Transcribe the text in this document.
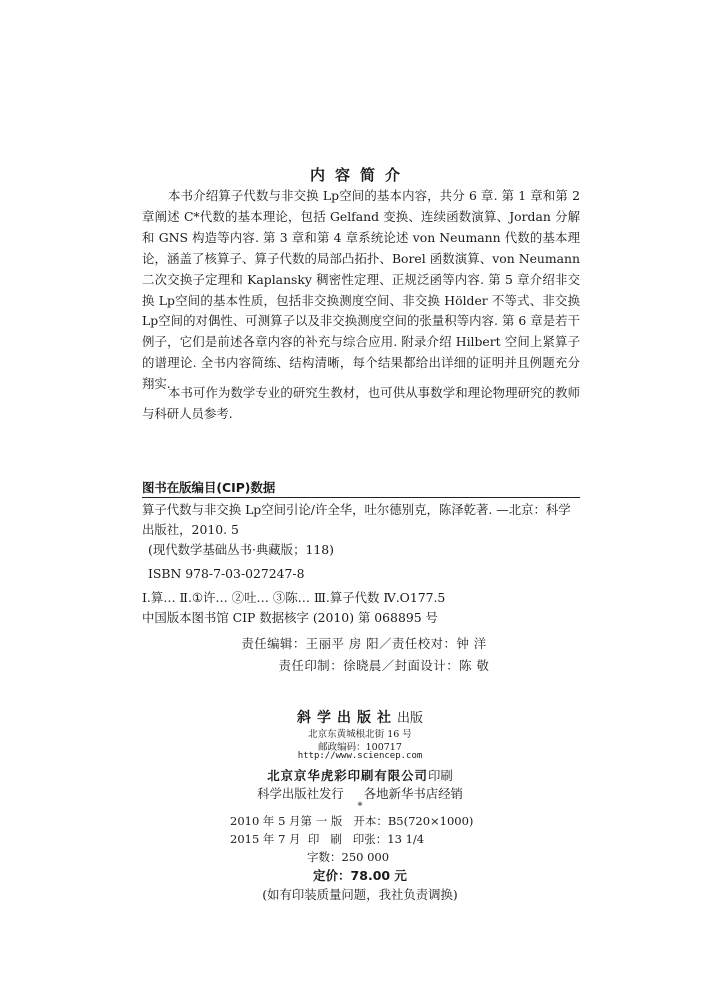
内容简介

本书介绍算子代数与非交换 Lp空间的基本内容，共分 6 章. 第 1 章和第 2 章阐述 C*代数的基本理论，包括 Gelfand 变换、连续函数演算、Jordan 分解和 GNS 构造等内容. 第 3 章和第 4 章系统论述 von Neumann 代数的基本理论，涵盖了核算子、算子代数的局部凸拓扑、Borel 函数演算、von Neumann 二次交换子定理和 Kaplansky 稠密性定理、正规泛函等内容. 第 5 章介绍非交换 Lp空间的基本性质，包括非交换测度空间、非交换 Hölder 不等式、非交换 Lp空间的对偶性、可测算子以及非交换测度空间的张量积等内容. 第 6 章是若干例子，它们是前述各章内容的补充与综合应用. 附录介绍 Hilbert 空间上紧算子的谱理论. 全书内容简练、结构清晰，每个结果都给出详细的证明并且例题充分翔实.

本书可作为数学专业的研究生教材，也可供从事数学和理论物理研究的教师与科研人员参考.

图书在版编目(CIP)数据

算子代数与非交换 Lp空间引论/许全华，吐尔德别克，陈泽乾著. —北京：科学出版社，2010. 5

(现代数学基础丛书·典藏版；118)

ISBN 978-7-03-027247-8

Ⅰ.算… Ⅱ.①许… ②吐… ③陈… Ⅲ.算子代数 Ⅳ.O177.5

中国版本图书馆 CIP 数据核字 (2010) 第 068895 号

责任编辑：王丽平 房 阳／责任校对：钟 洋
责任印制：徐晓晨／封面设计：陈 敬
斜学出版社出版
北京东黄城根北街 16 号
邮政编码：100717
http://www.sciencep.com
北京京华虎彩印刷有限公司印刷
科学出版社发行 各地新华书店经销
*
2010 年 5 月第 一 版   开本：B5(720×1000)
2015 年 7 月  印   刷   印张：13 1/4
字数：250 000
定价：78.00 元
(如有印装质量问题，我社负责调换)
